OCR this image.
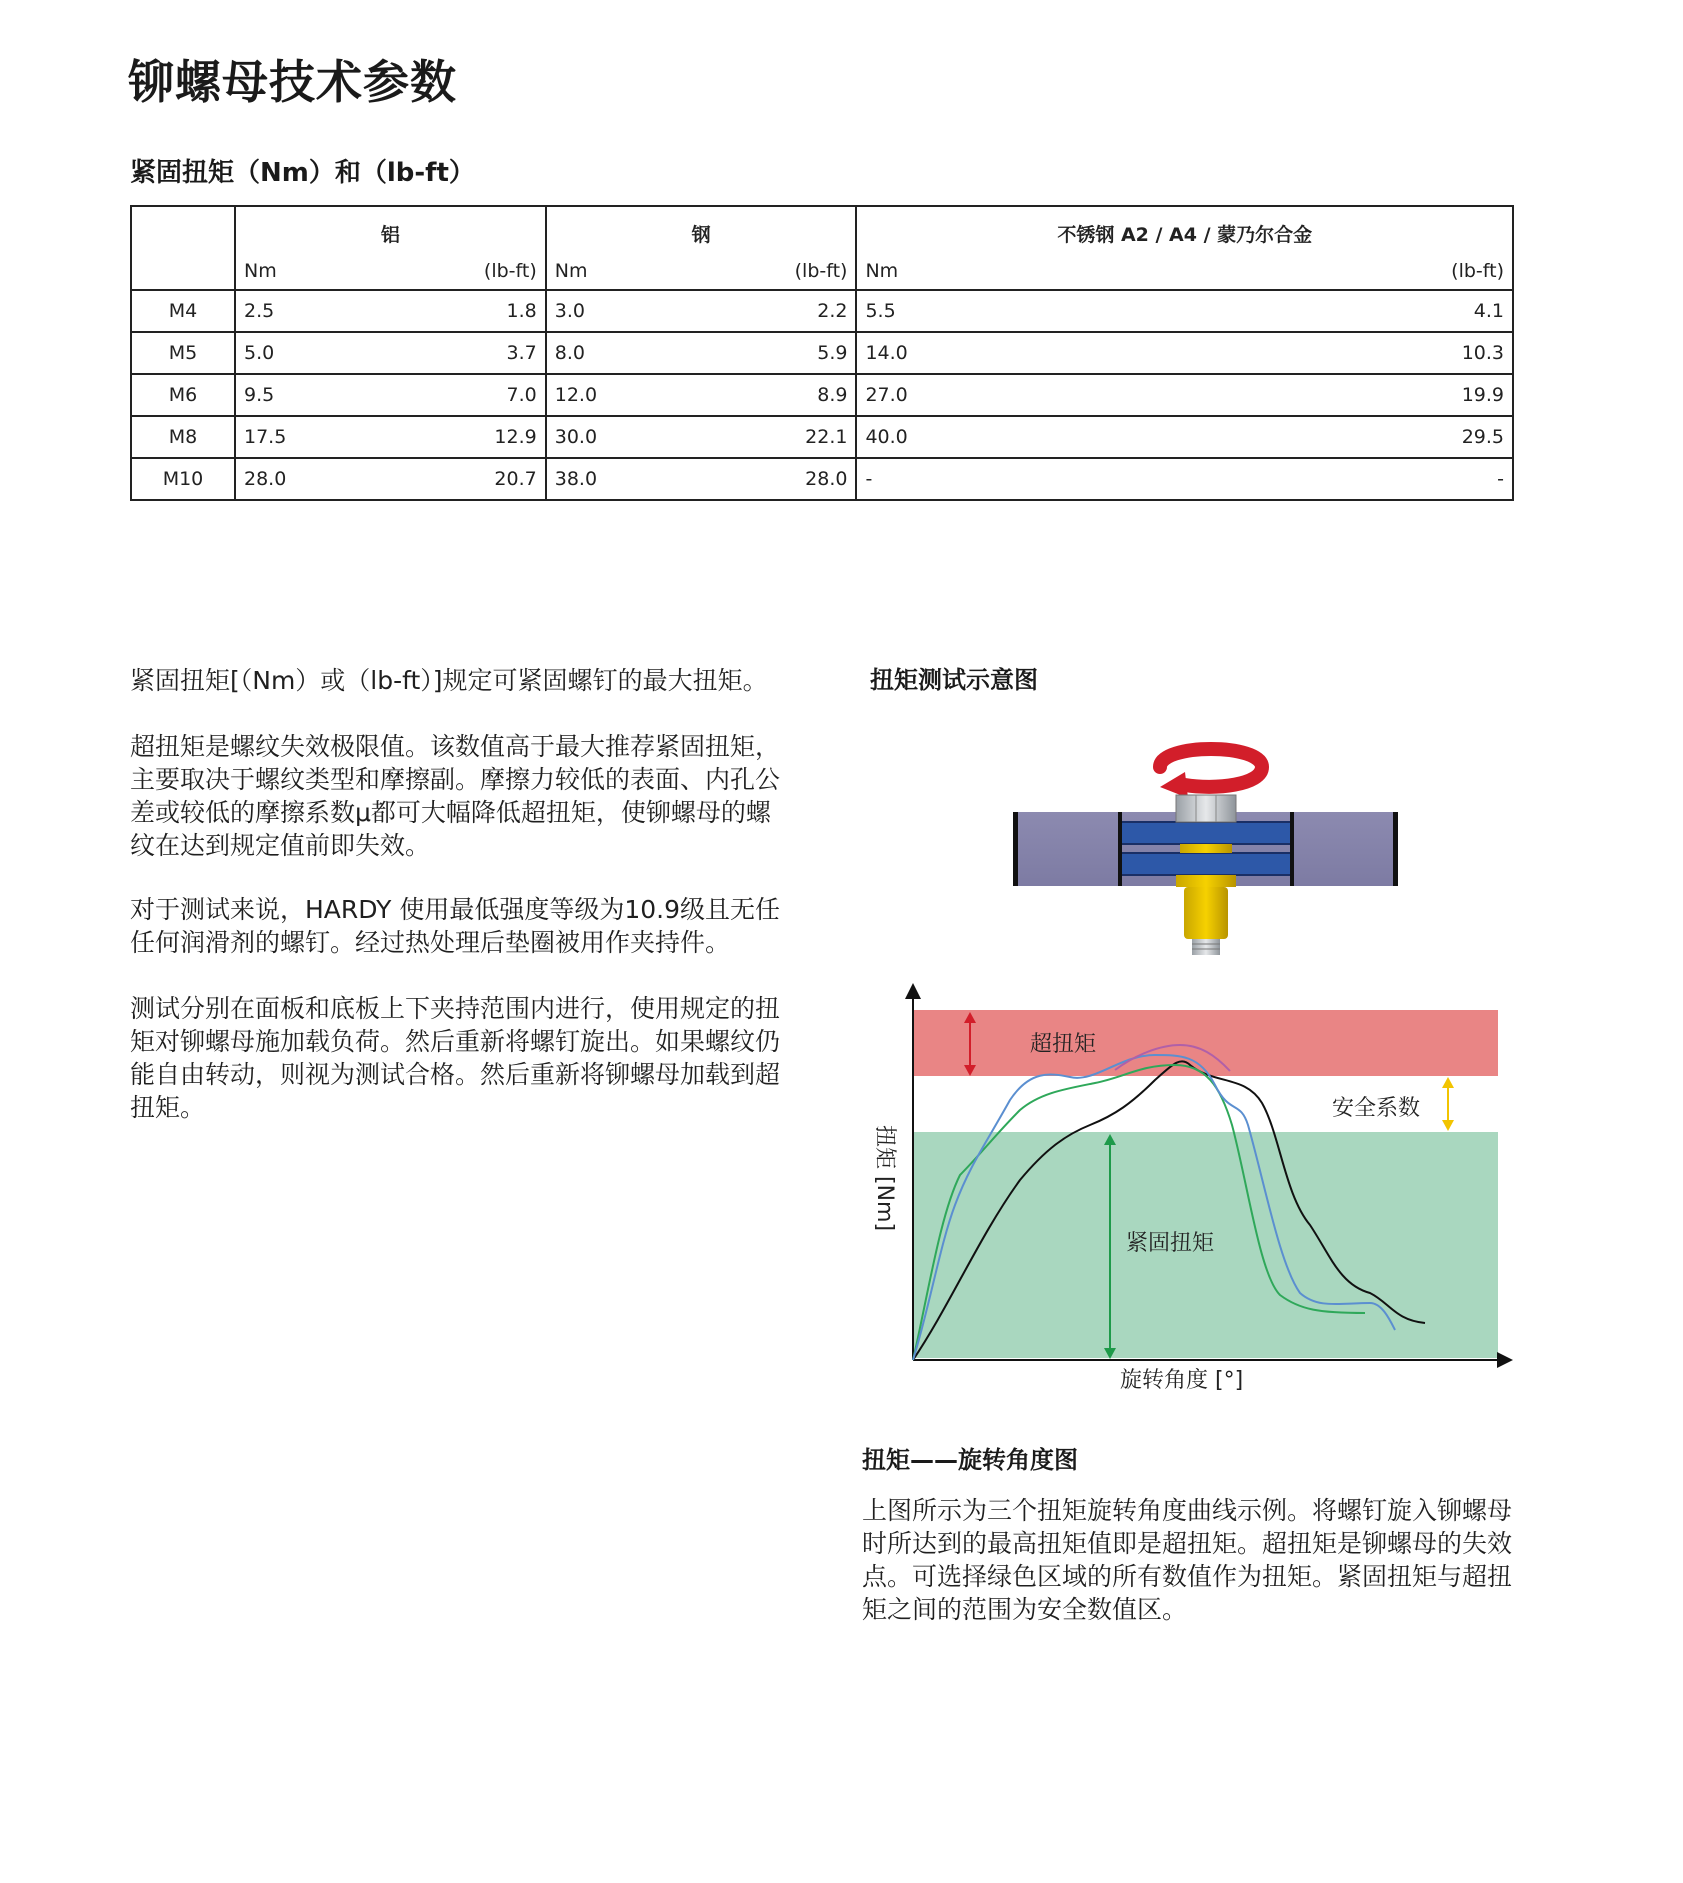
铆螺母技术参数
紧固扭矩（Nm）和（lb-ft）
	铝		钢		不锈钢 A2 / A4 / 蒙乃尔合金	
	Nm	(lb-ft)	Nm	(lb-ft)	Nm	(lb-ft)
M4	2.5	1.8	3.0	2.2	5.5	4.1
M5	5.0	3.7	8.0	5.9	14.0	10.3
M6	9.5	7.0	12.0	8.9	27.0	19.9
M8	17.5	12.9	30.0	22.1	40.0	29.5
M10	28.0	20.7	38.0	28.0	-	-

紧固扭矩[（Nm）或（lb-ft）]规定可紧固螺钉的最大扭矩。

超扭矩是螺纹失效极限值。该数值高于最大推荐紧固扭矩，主要取决于螺纹类型和摩擦副。摩擦力较低的表面、内孔公差或较低的摩擦系数μ都可大幅降低超扭矩，使铆螺母的螺纹在达到规定值前即失效。

对于测试来说，HARDY 使用最低强度等级为10.9级且无任任何润滑剂的螺钉。经过热处理后垫圈被用作夹持件。

测试分别在面板和底板上下夹持范围内进行，使用规定的扭矩对铆螺母施加载负荷。然后重新将螺钉旋出。如果螺纹仍能自由转动，则视为测试合格。然后重新将铆螺母加载到超扭矩。

扭矩测试示意图
超扭矩
安全系数
紧固扭矩
扭矩 [Nm]
旋转角度 [°]
扭矩——旋转角度图

上图所示为三个扭矩旋转角度曲线示例。将螺钉旋入铆螺母时所达到的最高扭矩值即是超扭矩。超扭矩是铆螺母的失效点。可选择绿色区域的所有数值作为扭矩。紧固扭矩与超扭矩之间的范围为安全数值区。
